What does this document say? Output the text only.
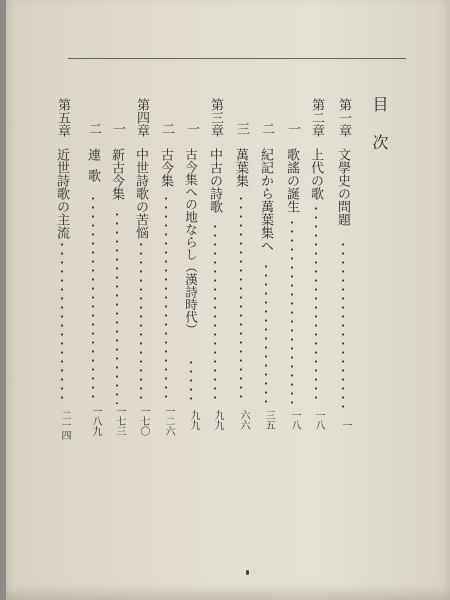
目次
第一章
文學史の問題
一
第二章
上代の歌
一八
一
歌謠の誕生
一八
二
紀記から萬葉集へ
三五
三
萬葉集
六六
第三章
中古の詩歌
九九
一
古今集への地ならし（漢詩時代）
九九
二
古今集
一二六
第四章
中世詩歌の苦悩
一七〇
一
新古今集
一七三
二
連歌
一八九
第五章
近世詩歌の主流
二一四
